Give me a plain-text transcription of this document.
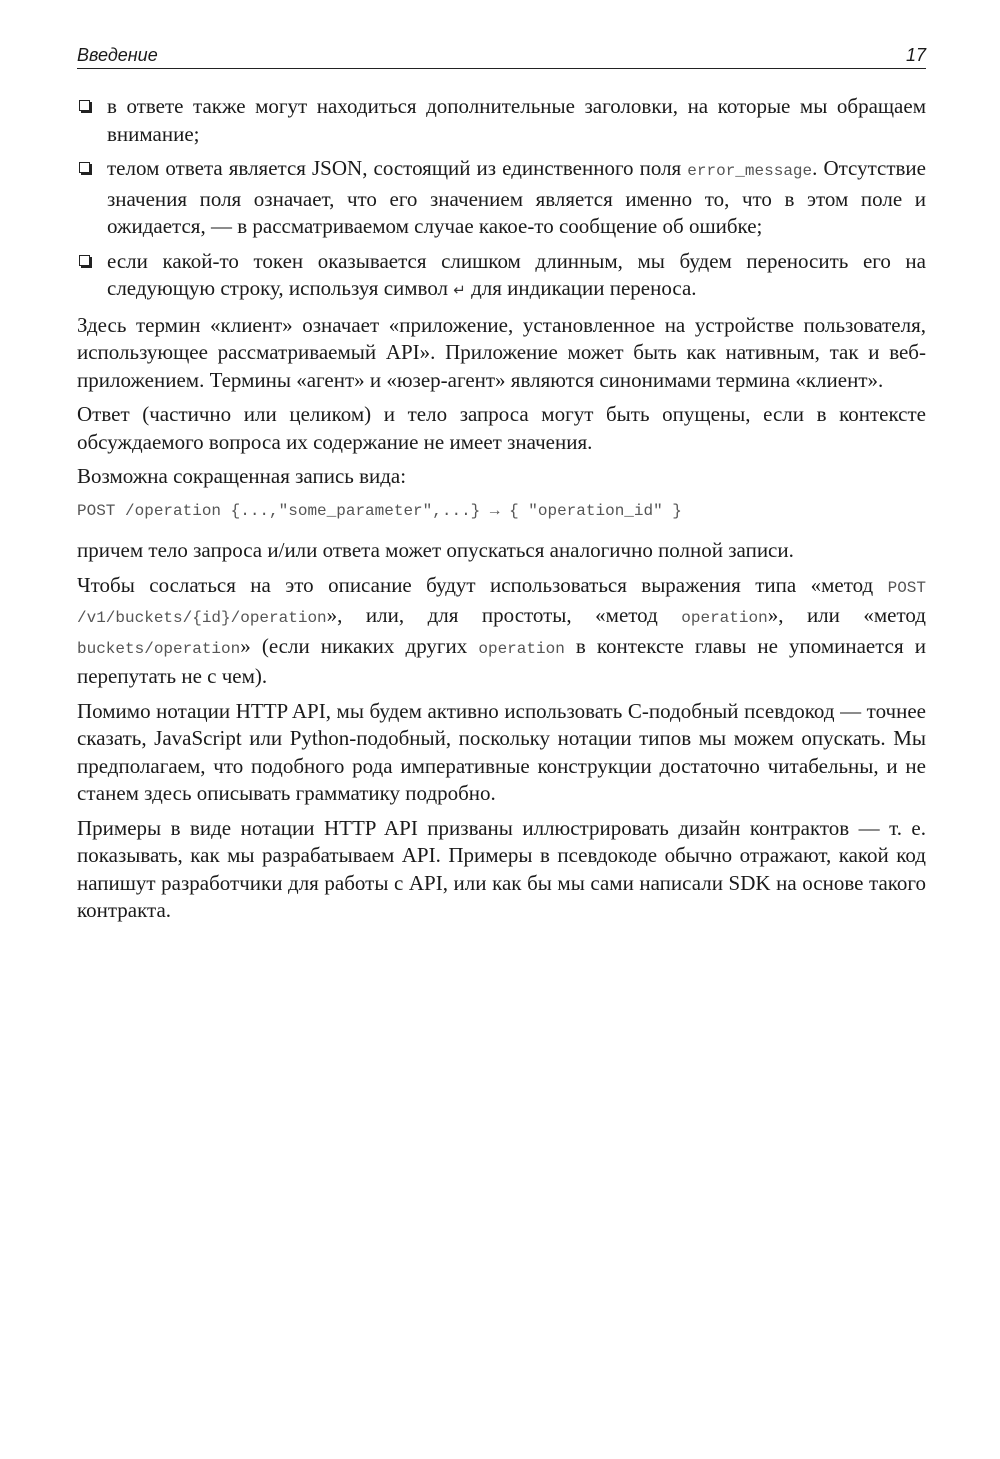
Введение	17
в ответе также могут находиться дополнительные заголовки, на которые мы обращаем внимание;
телом ответа является JSON, состоящий из единственного поля error_message. Отсутствие значения поля означает, что его значением является именно то, что в этом поле и ожидается, — в рассматриваемом случае какое-то сообщение об ошибке;
если какой-то токен оказывается слишком длинным, мы будем переносить его на следующую строку, используя символ ↵ для индикации переноса.

Здесь термин «клиент» означает «приложение, установленное на устройстве пользователя, использующее рассматриваемый API». Приложение может быть как нативным, так и веб-приложением. Термины «агент» и «юзер-агент» являются синонимами термина «клиент».

Ответ (частично или целиком) и тело запроса могут быть опущены, если в контексте обсуждаемого вопроса их содержание не имеет значения.

Возможна сокращенная запись вида:

POST /operation {...,"some_parameter",...} → { "operation_id" }

причем тело запроса и/или ответа может опускаться аналогично полной записи.

Чтобы сослаться на это описание будут использоваться выражения типа «метод POST /v1/buckets/{id}/operation», или, для простоты, «метод operation», или «метод buckets/operation» (если никаких других operation в контексте главы не упоминается и перепутать не с чем).

Помимо нотации HTTP API, мы будем активно использовать C-подобный псевдокод — точнее сказать, JavaScript или Python-подобный, поскольку нотации типов мы можем опускать. Мы предполагаем, что подобного рода императивные конструкции достаточно читабельны, и не станем здесь описывать грамматику подробно.

Примеры в виде нотации HTTP API призваны иллюстрировать дизайн контрактов — т. е. показывать, как мы разрабатываем API. Примеры в псевдокоде обычно отражают, какой код напишут разработчики для работы с API, или как бы мы сами написали SDK на основе такого контракта.
